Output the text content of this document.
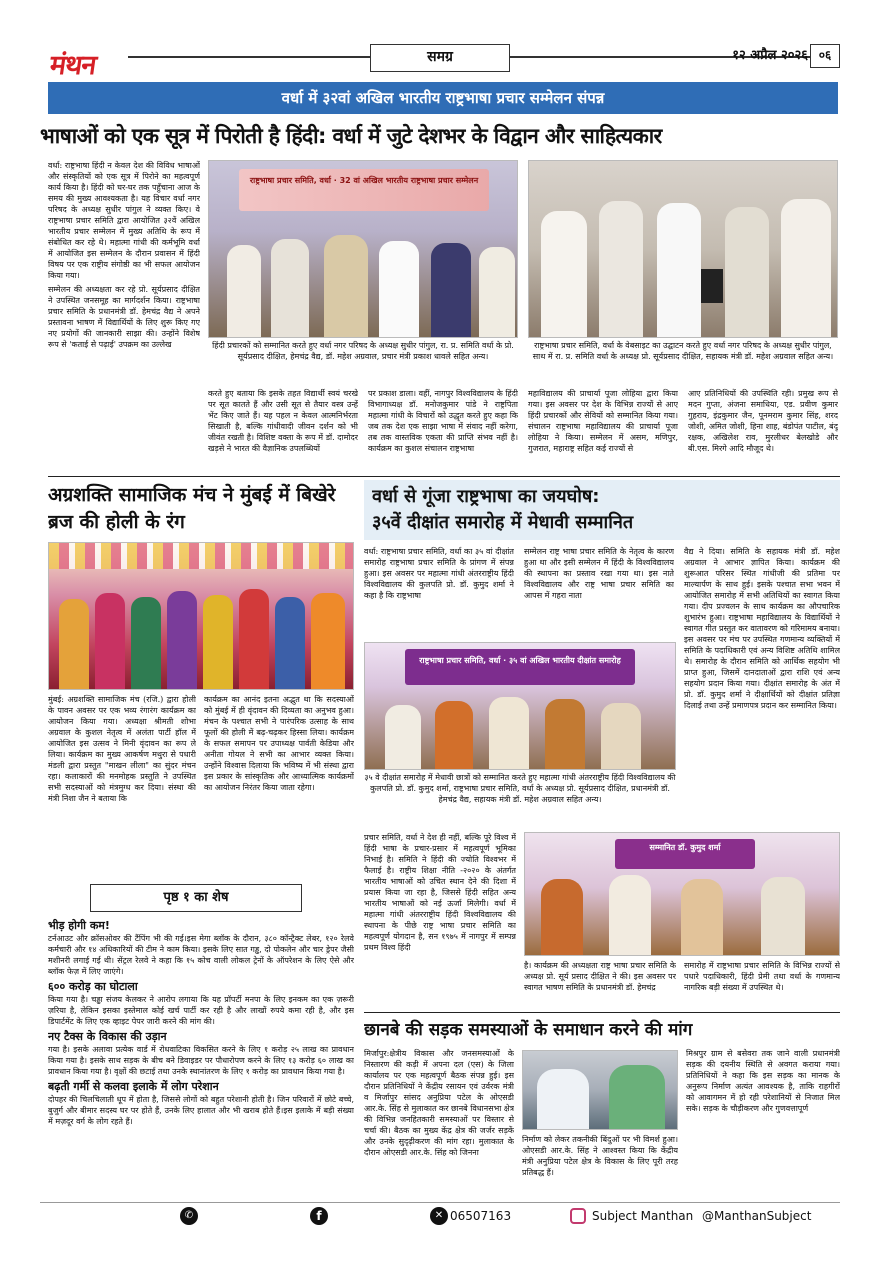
मंथन	समग्र	१२ अप्रैल २०२६ ०६
वर्धा में ३२वां अखिल भारतीय राष्ट्रभाषा प्रचार सम्मेलन संपन्न
भाषाओं को एक सूत्र में पिरोती है हिंदी: वर्धा में जुटे देशभर के विद्वान और साहित्यकार

वर्धा: राष्ट्रभाषा हिंदी न केवल देश की विविध भाषाओं और संस्कृतियों को एक सूत्र में पिरोने का महत्वपूर्ण कार्य किया है। हिंदी को घर-घर तक पहुँचाना आज के समय की मुख्य आवश्यकता है। यह विचार वर्धा नगर परिषद के अध्यक्ष सुधीर पांगुल ने व्यक्त किए। वे राष्ट्रभाषा प्रचार समिति द्वारा आयोजित ३२वें अखिल भारतीय प्रचार सम्मेलन में मुख्य अतिथि के रूप में संबोधित कर रहे थे। महात्मा गांधी की कर्मभूमि वर्धा में आयोजित इस सम्मेलन के दौरान प्रवासन में हिंदी विषय पर एक राष्ट्रीय संगोष्ठी का भी सफल आयोजन किया गया।

सम्मेलन की अध्यक्षता कर रहे प्रो. सूर्यप्रसाद दीक्षित ने उपस्थित जनसमूह का मार्गदर्शन किया। राष्ट्रभाषा प्रचार समिति के प्रधानमंत्री डॉ. हेमचंद्र वैद्य ने अपने प्रस्तावना भाषण में विद्यार्थियों के लिए शुरू किए गए नए प्रयोगों की जानकारी साझा की। उन्होंने विशेष रूप से 'कताई से पढ़ाई' उपक्रम का उल्लेख

राष्ट्रभाषा प्रचार समिति, वर्धा · 32 वां अखिल भारतीय राष्ट्रभाषा प्रचार सम्मेलन
हिंदी प्रचारकों को सम्मानित करते हुए वर्धा नगर परिषद के अध्यक्ष सुधीर पांगुल, रा. प्र. समिति वर्धा के प्रो. सूर्यप्रसाद दीक्षित, हेमचंद्र वैद्य, डॉ. महेश अग्रवाल, प्रचार मंत्री प्रकाश धावले सहित अन्य।
राष्ट्रभाषा प्रचार समिति, वर्धा के वेबसाइट का उद्घाटन करते हुए वर्धा नगर परिषद के अध्यक्ष सुधीर पांगुल, साथ में रा. प्र. समिति वर्धा के अध्यक्ष प्रो. सूर्यप्रसाद दीक्षित, सहायक मंत्री डॉ. महेश अग्रवाल सहित अन्य।
करते हुए बताया कि इसके तहत विद्यार्थी स्वयं चरखे पर सूत कातते हैं और उसी सूत से तैयार वस्त्र उन्हें भेंट किए जाते हैं। यह पहल न केवल आत्मनिर्भरता सिखाती है, बल्कि गांधीवादी जीवन दर्शन को भी जीवंत रखती है। विशिष्ट वक्ता के रूप में डॉ. दामोदर खड़से ने भारत की वैज्ञानिक उपलब्धियों
पर प्रकाश डाला। वहीं, नागपुर विश्वविद्यालय के हिंदी विभागाध्यक्ष डॉ. मनोजकुमार पांडे ने राष्ट्रपिता महात्मा गांधी के विचारों को उद्धृत करते हुए कहा कि जब तक देश एक साझा भाषा में संवाद नहीं करेगा, तब तक वास्तविक एकता की प्राप्ति संभव नहीं है। कार्यक्रम का कुशल संचालन राष्ट्रभाषा
महाविद्यालय की प्राचार्या पूजा लोहिया द्वारा किया गया। इस अवसर पर देश के विभिन्न राज्यों से आए हिंदी प्रचारकों और सेवियों को सम्मानित किया गया। संचालन राष्ट्रभाषा महाविद्यालय की प्राचार्या पूजा लोहिया ने किया। सम्मेलन में असम, मणिपुर, गुजरात, महाराष्ट्र सहित कई राज्यों से
आए प्रतिनिधियों की उपस्थिति रही। प्रमुख रूप से मदन गुप्ता, अंजना समाधिया, एड. प्रवीण कुमार गुहराय, इंद्रकुमार जैन, पूनमराम कुमार सिंह, शरद जोशी, अमित जोशी, हिना शाह, बंडोपंत पाटील, बंदू रक्षक, अखिलेश राव, मुरलीधर बेलखोडे और बी.एस. मिरगे आदि मौजूद थे।
अग्रशक्ति सामाजिक मंच ने मुंबई में बिखेरे ब्रज की होली के रंग
मुंबई: अग्रशक्ति सामाजिक मंच (रजि.) द्वारा होली के पावन अवसर पर एक भव्य रंगारंग कार्यक्रम का आयोजन किया गया। अध्यक्षा श्रीमती शोभा अग्रवाल के कुशल नेतृत्व में अलंता पार्टी हॉल में आयोजित इस उत्सव ने मिनी वृंदावन का रूप ले लिया। कार्यक्रम का मुख्य आकर्षण मथुरा से पधारी मंडली द्वारा प्रस्तुत "माखन लीला" का सुंदर मंचन रहा। कलाकारों की मनमोहक प्रस्तुति ने उपस्थित सभी सदस्याओं को मंत्रमुग्ध कर दिया। संस्था की मंत्री निशा जैन ने बताया कि
कार्यक्रम का आनंद इतना अद्भुत था कि सदस्याओं को मुंबई में ही वृंदावन की दिव्यता का अनुभव हुआ। मंचन के पश्चात सभी ने पारंपरिक उत्साह के साथ फूलों की होली में बढ़-चढ़कर हिस्सा लिया। कार्यक्रम के सफल समापन पर उपाध्यक्ष पार्वती केडिया और अनीता गोयल ने सभी का आभार व्यक्त किया। उन्होंने विश्वास दिलाया कि भविष्य में भी संस्था द्वारा इस प्रकार के सांस्कृतिक और आध्यात्मिक कार्यक्रमों का आयोजन निरंतर किया जाता रहेगा।
वर्धा से गूंजा राष्ट्रभाषा का जयघोष:
३५वें दीक्षांत समारोह में मेधावी सम्मानित
वर्धा: राष्ट्रभाषा प्रचार समिति, वर्धा का ३५ वां दीक्षांत समारोह राष्ट्रभाषा प्रचार समिति के प्रांगण में संपन्न हुआ। इस अवसर पर महात्मा गांधी अंतरराष्ट्रीय हिंदी विश्वविद्यालय की कुलपति प्रो. डॉ. कुमुद शर्मा ने कहा है कि राष्ट्रभाषा
सम्मेलन राष्ट्र भाषा प्रचार समिति के नेतृत्व के कारण हुआ था और इसी सम्मेलन में हिंदी के विश्वविद्यालय की स्थापना का प्रस्ताव रखा गया था। इस नाते विश्वविद्यालय और राष्ट्र भाषा प्रचार समिति का आपस में गहरा नाता
वैद्य ने दिया। समिति के सहायक मंत्री डॉ. महेश अग्रवाल ने आभार ज्ञापित किया। कार्यक्रम की शुरूआत परिसर स्थित गांधीजी की प्रतिमा पर माल्यार्पण के साथ हुई। इसके पश्चात सभा भवन में आयोजित समारोह में सभी अतिथियों का स्वागत किया गया। दीप प्रज्वलन के साथ कार्यक्रम का औपचारिक शुभारंभ हुआ। राष्ट्रभाषा महाविद्यालय के विद्यार्थियों ने स्वागत गीत प्रस्तुत कर वातावरण को गरिमामय बनाया। इस अवसर पर मंच पर उपस्थित गणमान्य व्यक्तियों में समिति के पदाधिकारी एवं अन्य विशिष्ट अतिथि शामिल थे। समारोह के दौरान समिति को आर्थिक सहयोग भी प्राप्त हुआ, जिसमें दानदाताओं द्वारा राशि एवं अन्य सहयोग प्रदान किया गया। दीक्षांत समारोह के अंत में प्रो. डॉ. कुमुद शर्मा ने दीक्षार्थियों को दीक्षांत प्रतिज्ञा दिलाई तथा उन्हें प्रमाणपत्र प्रदान कर सम्मानित किया।
राष्ट्रभाषा प्रचार समिति, वर्धा · ३५ वां अखिल भारतीय दीक्षांत समारोह
३५ वे दीक्षांत समारोह में मेधावी छात्रों को सम्मानित करते हुए महात्मा गांधी अंतरराष्ट्रीय हिंदी विश्वविद्यालय की कुलपति प्रो. डॉ. कुमुद शर्मा, राष्ट्रभाषा प्रचार समिति, वर्धा के अध्यक्ष प्रो. सूर्यप्रसाद दीक्षित, प्रधानमंत्री डॉ. हेमचंद्र वैद्य, सहायक मंत्री डॉ. महेश अग्रवाल सहित अन्य।
प्रचार समिति, वर्धा ने देश ही नहीं, बल्कि पूरे विश्व में हिंदी भाषा के प्रचार-प्रसार में महत्वपूर्ण भूमिका निभाई है। समिति ने हिंदी की ज्योति विश्वभर में फैलाई है। राष्ट्रीय शिक्षा नीति -२०२० के अंतर्गत भारतीय भाषाओं को उचित स्थान देने की दिशा में प्रयास किया जा रहा है, जिससे हिंदी सहित अन्य भारतीय भाषाओं को नई ऊर्जा मिलेगी। वर्धा में महात्मा गांधी अंतरराष्ट्रीय हिंदी विश्वविद्यालय की स्थापना के पीछे राष्ट्र भाषा प्रचार समिति का महत्वपूर्ण योगदान है, सन १९७५ में नागपुर में सम्पन्न प्रथम विश्व हिंदी
सम्मानित डॉ. कुमुद शर्मा
है। कार्यक्रम की अध्यक्षता राष्ट्र भाषा प्रचार समिति के अध्यक्ष प्रो. सूर्य प्रसाद दीक्षित ने की। इस अवसर पर स्वागत भाषण समिति के प्रधानमंत्री डॉ. हेमचंद्र
समारोह में राष्ट्रभाषा प्रचार समिति के विभिन्न राज्यों से पधारे पदाधिकारी, हिंदी प्रेमी तथा वर्धा के गणमान्य नागरिक बड़ी संख्या में उपस्थित थे।
पृष्ठ १ का शेष
भीड़ होगी कम!
टर्नआउट और क्रॉसओवर की टैंपिंग भी की गई।इस मेगा ब्लॉक के दौरान, ३८० कॉन्ट्रैक्ट लेबर, १२० रेलवे कर्मचारी और १४ अधिकारियों की टीम ने काम किया। इसके लिए सात गड्ढ, दो पोकलेन और चार ड्रेपर जैसी मशीनरी लगाई गई थी। सेंट्रल रेलवे ने कहा कि १५ कोच वाली लोकल ट्रेनों के ऑपरेशन के लिए ऐसे और ब्लॉक फेज़ में लिए जाएंगे।
६०० करोड़ का घोटाला
किया गया है। चड्ढा संजय केलकर ने आरोप लगाया कि यह प्रॉपर्टी मनपा के लिए इनकम का एक ज़रूरी ज़रिया है, लेकिन इसका इस्तेमाल कोई खर्च पार्टी कर रही है और लाखों रुपये कमा रही है, और इस डिपार्टमेंट के लिए एक व्हाइट पेपर जारी करने की मांग की।
नए टैक्स के विकास की उड़ान
गया है। इसके अलावा प्रत्येक वार्ड में रोधवाटिका विकसित करने के लिए १ करोड़ २५ लाख का प्रावधान किया गया है। इसके साथ सड़क के बीच बने डिवाइडर पर पौधारोपण करने के लिए १३ करोड़ ६० लाख का प्रावधान किया गया है। वृक्षों की छटाई तथा उनके स्थानांतरण के लिए १ करोड़ का प्रावधान किया गया है।
बढ़ती गर्मी से कलवा इलाके में लोग परेशान
दोपहर की चिलचिलाती धूप में होता है, जिससे लोगों को बहुत परेशानी होती है। जिन परिवारों में छोटे बच्चे, बुजुर्ग और बीमार सदस्य घर पर होते हैं, उनके लिए हालात और भी खराब होते हैं।इस इलाके में बड़ी संख्या में मज़दूर वर्ग के लोग रहते हैं।
छानबे की सड़क समस्याओं के समाधान करने की मांग
मिर्जापुर:क्षेत्रीय विकास और जनसमस्याओं के निस्तारण की कड़ी में अपना दल (एस) के जिला कार्यालय पर एक महत्वपूर्ण बैठक संपन्न हुई। इस दौरान प्रतिनिधियों ने केंद्रीय रसायन एवं उर्वरक मंत्री व मिर्जापुर सांसद अनुप्रिया पटेल के ओएसडी आर.के. सिंह से मुलाकात कर छानबे विधानसभा क्षेत्र की विभिन्न जनहितकारी समस्याओं पर विस्तार से चर्चा की। बैठक का मुख्य केंद्र क्षेत्र की जर्जर सड़कें और उनके सुदृढ़ीकरण की मांग रहा। मुलाकात के दौरान ओएसडी आर.के. सिंह को जिनना
निर्माण को लेकर तकनीकी बिंदुओं पर भी विमर्श हुआ। ओएसडी आर.के. सिंह ने आश्वस्त किया कि केंद्रीय मंत्री अनुप्रिया पटेल क्षेत्र के विकास के लिए पूरी तरह प्रतिबद्ध हैं।
मिश्रपुर ग्राम से बसेवरा तक जाने वाली प्रधानमंत्री सड़क की दयनीय स्थिति से अवगत कराया गया। प्रतिनिधियों ने कहा कि इस सड़क का मानक के अनुरूप निर्माण अत्यंत आवश्यक है, ताकि राहगीरों को आवागमन में हो रही परेशानियों से निजात मिल सके। सड़क के चौड़ीकरण और गुणवत्तापूर्ण
✆	f	✕ 06507163	Subject Manthan @ManthanSubject
